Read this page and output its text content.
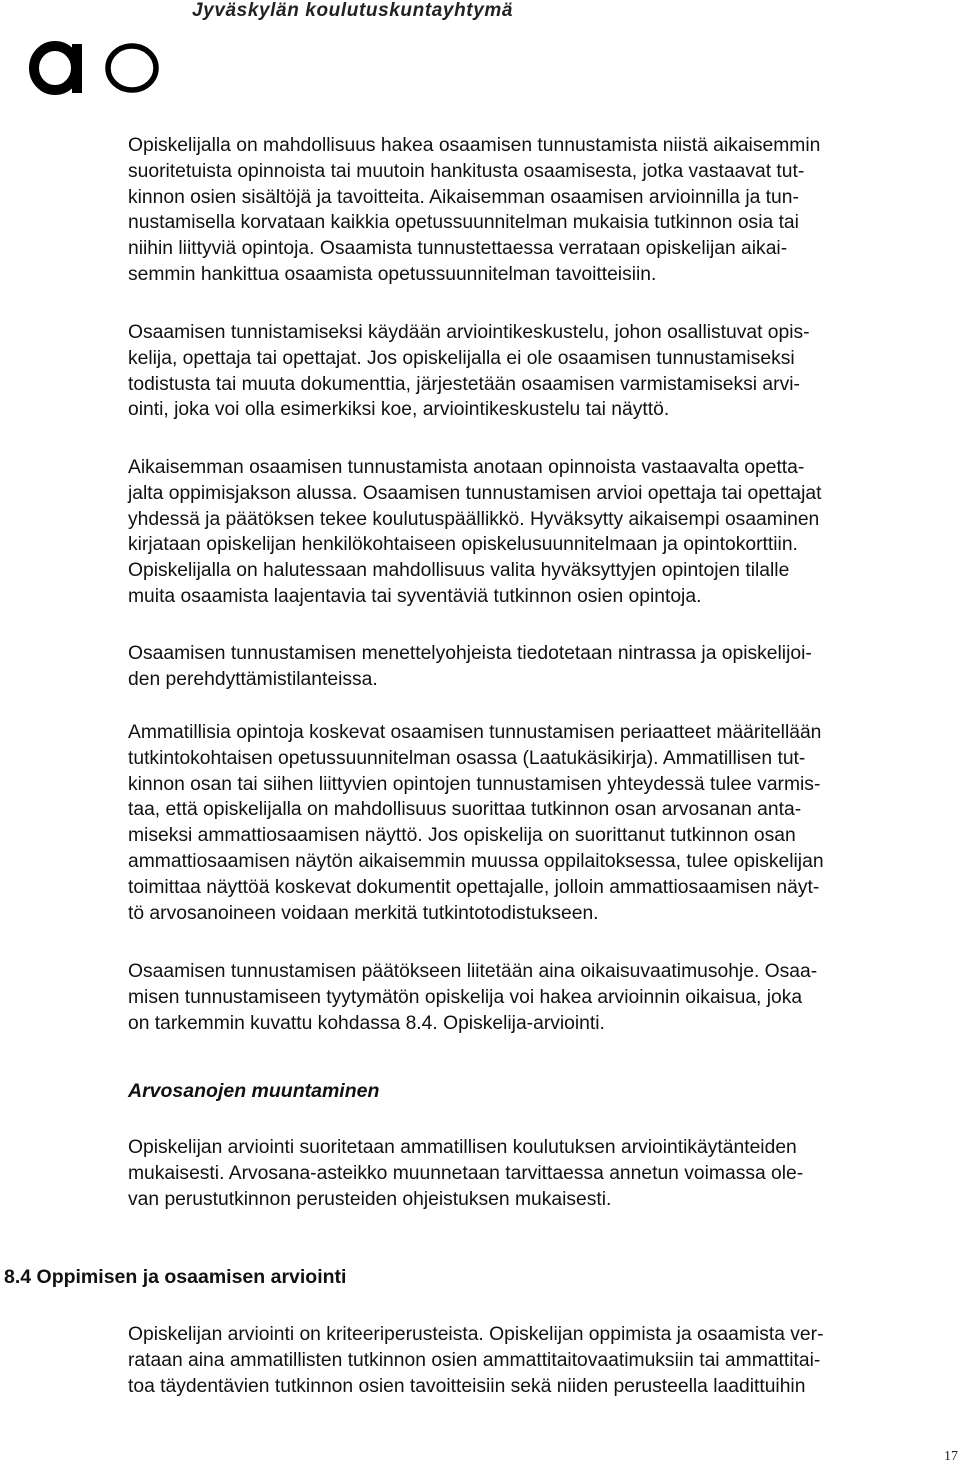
Jyväskylän koulutuskuntayhtymä

Opiskelijalla on mahdollisuus hakea osaamisen tunnustamista niistä aikaisemmin
suoritetuista opinnoista tai muutoin hankitusta osaamisesta, jotka vastaavat tut-
kinnon osien sisältöjä ja tavoitteita. Aikaisemman osaamisen arvioinnilla ja tun-
nustamisella korvataan kaikkia opetussuunnitelman mukaisia tutkinnon osia tai
niihin liittyviä opintoja. Osaamista tunnustettaessa verrataan opiskelijan aikai-
semmin hankittua osaamista opetussuunnitelman tavoitteisiin.

Osaamisen tunnistamiseksi käydään arviointikeskustelu, johon osallistuvat opis-
kelija, opettaja tai opettajat. Jos opiskelijalla ei ole osaamisen tunnustamiseksi
todistusta tai muuta dokumenttia, järjestetään osaamisen varmistamiseksi arvi-
ointi, joka voi olla esimerkiksi koe, arviointikeskustelu tai näyttö.

Aikaisemman osaamisen tunnustamista anotaan opinnoista vastaavalta opetta-
jalta oppimisjakson alussa. Osaamisen tunnustamisen arvioi opettaja tai opettajat
yhdessä ja päätöksen tekee koulutuspäällikkö. Hyväksytty aikaisempi osaaminen
kirjataan opiskelijan henkilökohtaiseen opiskelusuunnitelmaan ja opintokorttiin.
Opiskelijalla on halutessaan mahdollisuus valita hyväksyttyjen opintojen tilalle
muita osaamista laajentavia tai syventäviä tutkinnon osien opintoja.

Osaamisen tunnustamisen menettelyohjeista tiedotetaan nintrassa ja opiskelijoi-
den perehdyttämistilanteissa.

Ammatillisia opintoja koskevat osaamisen tunnustamisen periaatteet määritellään
tutkintokohtaisen opetussuunnitelman osassa (Laatukäsikirja). Ammatillisen tut-
kinnon osan tai siihen liittyvien opintojen tunnustamisen yhteydessä tulee varmis-
taa, että opiskelijalla on mahdollisuus suorittaa tutkinnon osan arvosanan anta-
miseksi ammattiosaamisen näyttö. Jos opiskelija on suorittanut tutkinnon osan
ammattiosaamisen näytön aikaisemmin muussa oppilaitoksessa, tulee opiskelijan
toimittaa näyttöä koskevat dokumentit opettajalle, jolloin ammattiosaamisen näyt-
tö arvosanoineen voidaan merkitä tutkintotodistukseen.

Osaamisen tunnustamisen päätökseen liitetään aina oikaisuvaatimusohje. Osaa-
misen tunnustamiseen tyytymätön opiskelija voi hakea arvioinnin oikaisua, joka
on tarkemmin kuvattu kohdassa 8.4. Opiskelija-arviointi.

Arvosanojen muuntaminen

Opiskelijan arviointi suoritetaan ammatillisen koulutuksen arviointikäytänteiden
mukaisesti. Arvosana-asteikko muunnetaan tarvittaessa annetun voimassa ole-
van perustutkinnon perusteiden ohjeistuksen mukaisesti.

8.4 Oppimisen ja osaamisen arviointi

Opiskelijan arviointi on kriteeriperusteista. Opiskelijan oppimista ja osaamista ver-
rataan aina ammatillisten tutkinnon osien ammattitaitovaatimuksiin tai ammattitai-
toa täydentävien tutkinnon osien tavoitteisiin sekä niiden perusteella laadittuihin

17
